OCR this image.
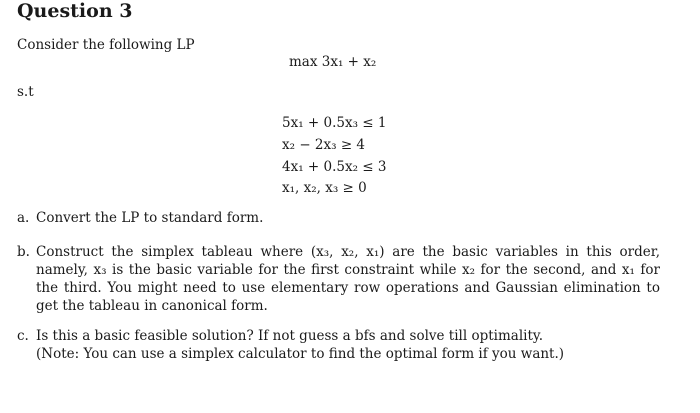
Question 3
Consider the following LP
max 3x₁ + x₂
s.t
5x₁ + 0.5x₃ ≤ 1
x₂ − 2x₃ ≥ 4
4x₁ + 0.5x₂ ≤ 3
x₁, x₂, x₃ ≥ 0
a. Convert the LP to standard form.
b. Construct the simplex tableau where (x₃, x₂, x₁) are the basic variables in this order, namely, x₃ is the basic variable for the first constraint while x₂ for the second, and x₁ for the third. You might need to use elementary row operations and Gaussian elimination to get the tableau in canonical form.
c. Is this a basic feasible solution? If not guess a bfs and solve till optimality.
(Note: You can use a simplex calculator to find the optimal form if you want.)
